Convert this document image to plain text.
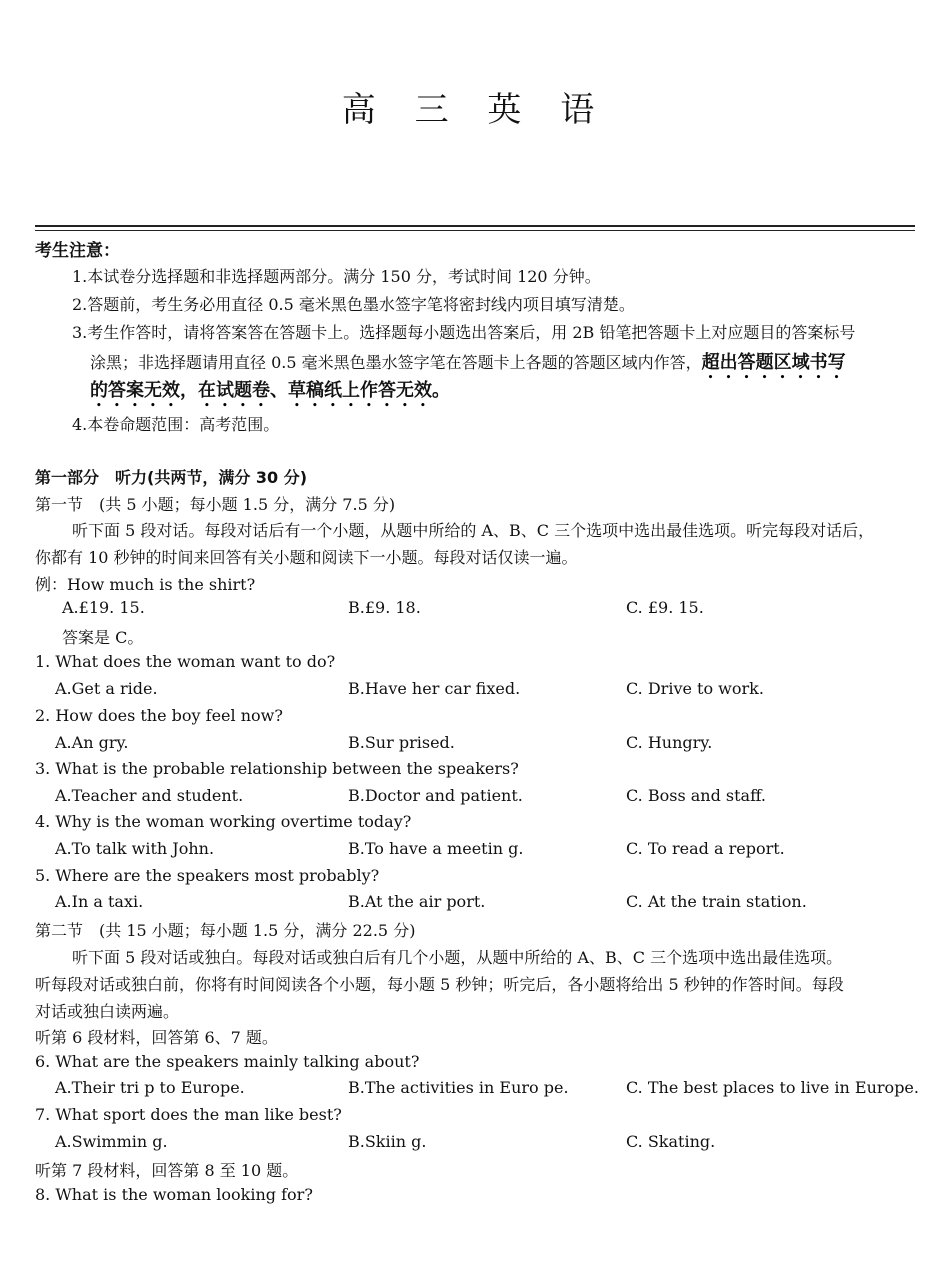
高 三 英 语
考生注意：
1.本试卷分选择题和非选择题两部分。满分 150 分，考试时间 120 分钟。
2.答题前，考生务必用直径 0.5 毫米黑色墨水签字笔将密封线内项目填写清楚。
3.考生作答时，请将答案答在答题卡上。选择题每小题选出答案后，用 2B 铅笔把答题卡上对应题目的答案标号
涂黑；非选择题请用直径 0.5 毫米黑色墨水签字笔在答题卡上各题的答题区域内作答，超出答题区域书写
的答案无效，在试题卷、草稿纸上作答无效。
4.本卷命题范围：高考范围。
第一部分　听力(共两节，满分 30 分)
第一节　(共 5 小题；每小题 1.5 分，满分 7.5 分)
听下面 5 段对话。每段对话后有一个小题，从题中所给的 A、B、C 三个选项中选出最佳选项。听完每段对话后，
你都有 10 秒钟的时间来回答有关小题和阅读下一小题。每段对话仅读一遍。
例：How much is the shirt?
A.£19. 15.	B.£9. 18.	C. £9. 15.
答案是 C。
1. What does the woman want to do?
A.Get a ride.	B.Have her car fixed.	C. Drive to work.
2. How does the boy feel now?
A.An gry.	B.Sur prised.	C. Hungry.
3. What is the probable relationship between the speakers?
A.Teacher and student.	B.Doctor and patient.	C. Boss and staff.
4. Why is the woman working overtime today?
A.To talk with John.	B.To have a meetin g.	C. To read a report.
5. Where are the speakers most probably?
A.In a taxi.	B.At the air port.	C. At the train station.
第二节　(共 15 小题；每小题 1.5 分，满分 22.5 分)
听下面 5 段对话或独白。每段对话或独白后有几个小题，从题中所给的 A、B、C 三个选项中选出最佳选项。
听每段对话或独白前，你将有时间阅读各个小题，每小题 5 秒钟；听完后，各小题将给出 5 秒钟的作答时间。每段
对话或独白读两遍。
听第 6 段材料，回答第 6、7 题。
6. What are the speakers mainly talking about?
A.Their tri p to Europe.	B.The activities in Euro pe.	C. The best places to live in Europe.
7. What sport does the man like best?
A.Swimmin g.	B.Skiin g.	C. Skating.
听第 7 段材料，回答第 8 至 10 题。
8. What is the woman looking for?
